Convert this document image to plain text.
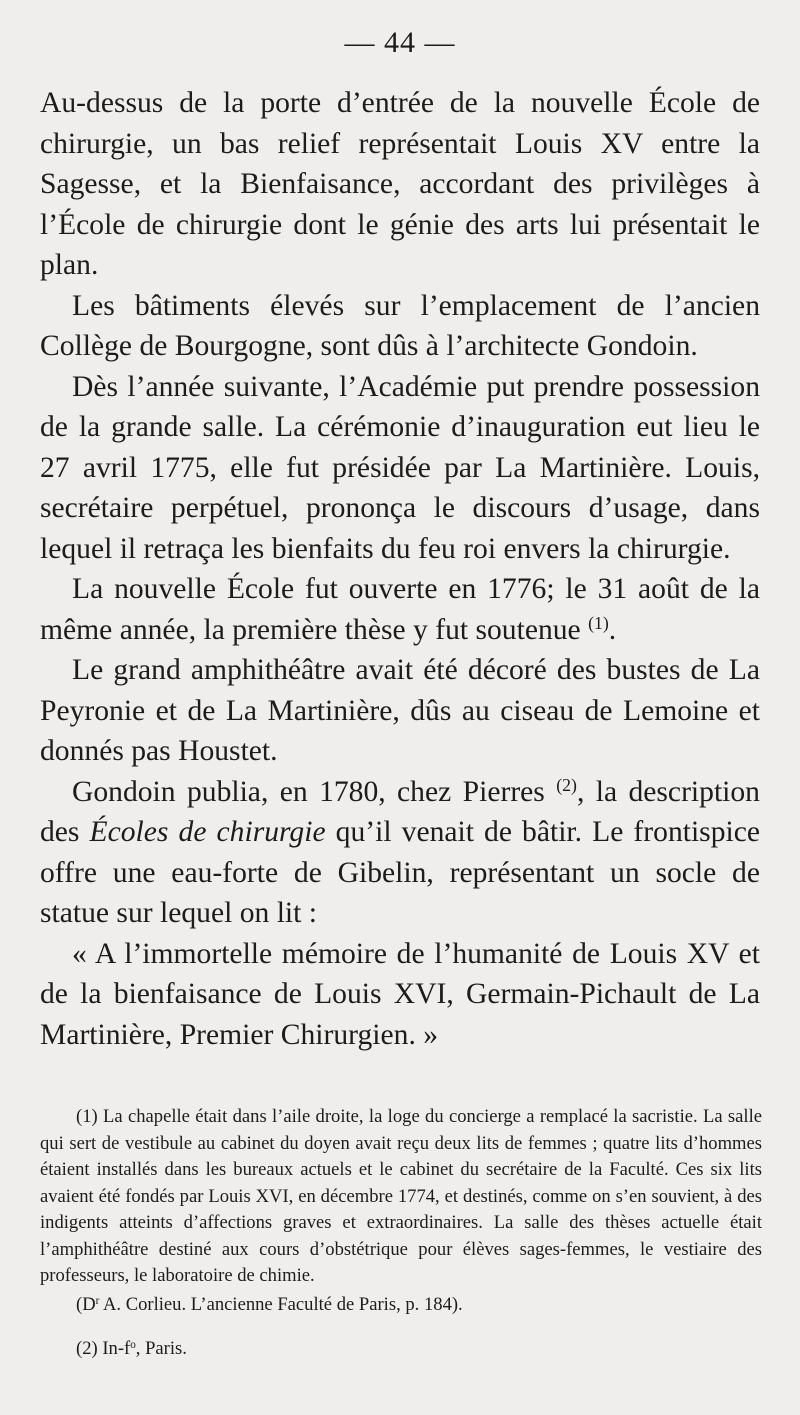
— 44 —

Au-dessus de la porte d’entrée de la nouvelle École de chirurgie, un bas relief représentait Louis XV entre la Sagesse, et la Bienfaisance, accordant des privilèges à l’École de chirurgie dont le génie des arts lui présentait le plan.

Les bâtiments élevés sur l’emplacement de l’ancien Collège de Bourgogne, sont dûs à l’architecte Gondoin.

Dès l’année suivante, l’Académie put prendre possession de la grande salle. La cérémonie d’inauguration eut lieu le 27 avril 1775, elle fut présidée par La Martinière. Louis, secrétaire perpétuel, prononça le discours d’usage, dans lequel il retraça les bienfaits du feu roi envers la chirurgie.

La nouvelle École fut ouverte en 1776; le 31 août de la même année, la première thèse y fut soutenue $^{(1)}$.

Le grand amphithéâtre avait été décoré des bustes de La Peyronie et de La Martinière, dûs au ciseau de Lemoine et donnés pas Houstet.

Gondoin publia, en 1780, chez Pierres $^{(2)}$, la description des Écoles de chirurgie qu’il venait de bâtir. Le frontispice offre une eau-forte de Gibelin, représentant un socle de statue sur lequel on lit :

« A l’immortelle mémoire de l’humanité de Louis XV et de la bienfaisance de Louis XVI, Germain-Pichault de La Martinière, Premier Chirurgien. »

(1) La chapelle était dans l’aile droite, la loge du concierge a remplacé la sacristie. La salle qui sert de vestibule au cabinet du doyen avait reçu deux lits de femmes ; quatre lits d’hommes étaient installés dans les bureaux actuels et le cabinet du secrétaire de la Faculté. Ces six lits avaient été fondés par Louis XVI, en décembre 1774, et destinés, comme on s’en souvient, à des indigents atteints d’affections graves et extraordinaires. La salle des thèses actuelle était l’amphithéâtre destiné aux cours d’obstétrique pour élèves sages-femmes, le vestiaire des professeurs, le laboratoire de chimie.

($D^r$ A. Corlieu. L’ancienne Faculté de Paris, p. 184).

(2) $In-f^o$, Paris.
